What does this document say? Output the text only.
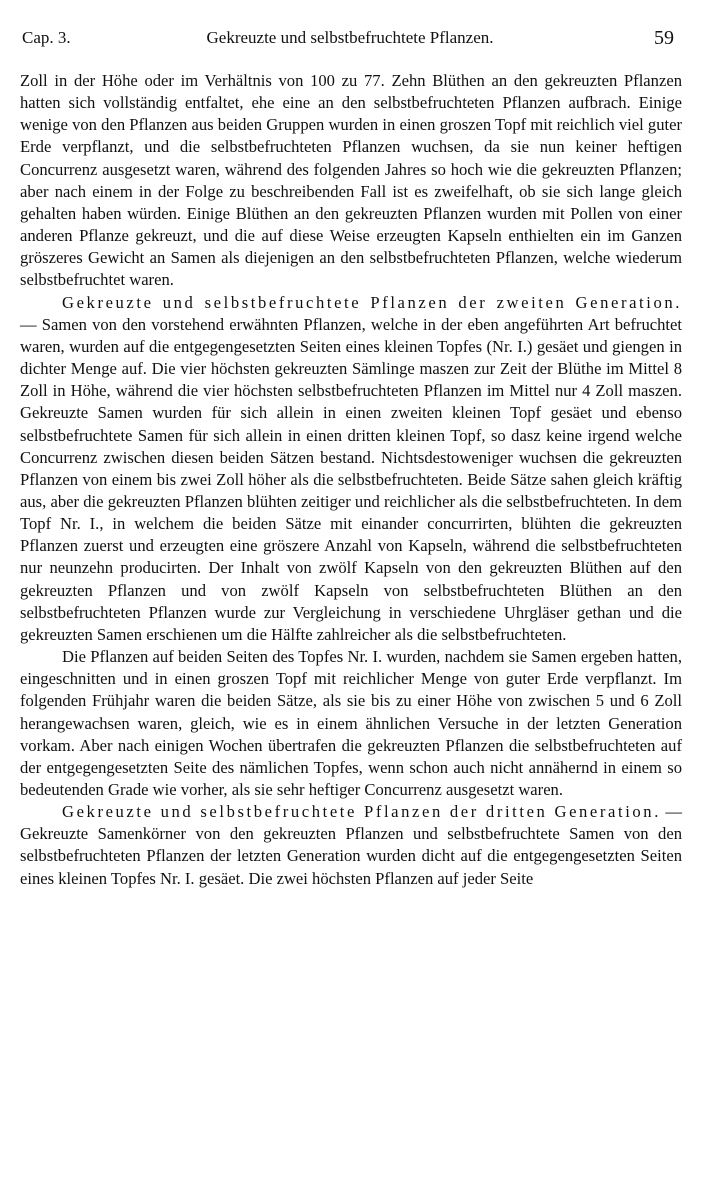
Cap. 3.	Gekreuzte und selbstbefruchtete Pflanzen.	59

Zoll in der Höhe oder im Verhältnis von 100 zu 77. Zehn Blüthen an den gekreuzten Pflanzen hatten sich vollständig entfaltet, ehe eine an den selbstbefruchteten Pflanzen aufbrach. Einige wenige von den Pflanzen aus beiden Gruppen wurden in einen groszen Topf mit reichlich viel guter Erde verpflanzt, und die selbstbefruchteten Pflanzen wuchsen, da sie nun keiner heftigen Concurrenz ausgesetzt waren, während des folgenden Jahres so hoch wie die gekreuzten Pflanzen; aber nach einem in der Folge zu beschreibenden Fall ist es zweifelhaft, ob sie sich lange gleich gehalten haben würden. Einige Blüthen an den gekreuzten Pflanzen wurden mit Pollen von einer anderen Pflanze gekreuzt, und die auf diese Weise erzeugten Kapseln enthielten ein im Ganzen gröszeres Gewicht an Samen als diejenigen an den selbstbefruchteten Pflanzen, welche wiederum selbstbefruchtet waren.

Gekreuzte und selbstbefruchtete Pflanzen der zweiten Generation. — Samen von den vorstehend erwähnten Pflanzen, welche in der eben angeführten Art befruchtet waren, wurden auf die entgegengesetzten Seiten eines kleinen Topfes (Nr. I.) gesäet und giengen in dichter Menge auf. Die vier höchsten gekreuzten Sämlinge maszen zur Zeit der Blüthe im Mittel 8 Zoll in Höhe, während die vier höchsten selbstbefruchteten Pflanzen im Mittel nur 4 Zoll maszen. Gekreuzte Samen wurden für sich allein in einen zweiten kleinen Topf gesäet und ebenso selbstbefruchtete Samen für sich allein in einen dritten kleinen Topf, so dasz keine irgend welche Concurrenz zwischen diesen beiden Sätzen bestand. Nichtsdestoweniger wuchsen die gekreuzten Pflanzen von einem bis zwei Zoll höher als die selbstbefruchteten. Beide Sätze sahen gleich kräftig aus, aber die gekreuzten Pflanzen blühten zeitiger und reichlicher als die selbstbefruchteten. In dem Topf Nr. I., in welchem die beiden Sätze mit einander concurrirten, blühten die gekreuzten Pflanzen zuerst und erzeugten eine gröszere Anzahl von Kapseln, während die selbstbefruchteten nur neunzehn producirten. Der Inhalt von zwölf Kapseln von den gekreuzten Blüthen auf den gekreuzten Pflanzen und von zwölf Kapseln von selbstbefruchteten Blüthen an den selbstbefruchteten Pflanzen wurde zur Vergleichung in verschiedene Uhrgläser gethan und die gekreuzten Samen erschienen um die Hälfte zahlreicher als die selbstbefruchteten.

Die Pflanzen auf beiden Seiten des Topfes Nr. I. wurden, nachdem sie Samen ergeben hatten, eingeschnitten und in einen groszen Topf mit reichlicher Menge von guter Erde verpflanzt. Im folgenden Frühjahr waren die beiden Sätze, als sie bis zu einer Höhe von zwischen 5 und 6 Zoll herangewachsen waren, gleich, wie es in einem ähnlichen Versuche in der letzten Generation vorkam. Aber nach einigen Wochen übertrafen die gekreuzten Pflanzen die selbstbefruchteten auf der entgegengesetzten Seite des nämlichen Topfes, wenn schon auch nicht annähernd in einem so bedeutenden Grade wie vorher, als sie sehr heftiger Concurrenz ausgesetzt waren.

Gekreuzte und selbstbefruchtete Pflanzen der dritten Generation. — Gekreuzte Samenkörner von den gekreuzten Pflanzen und selbstbefruchtete Samen von den selbstbefruchteten Pflanzen der letzten Generation wurden dicht auf die entgegengesetzten Seiten eines kleinen Topfes Nr. I. gesäet. Die zwei höchsten Pflanzen auf jeder Seite
